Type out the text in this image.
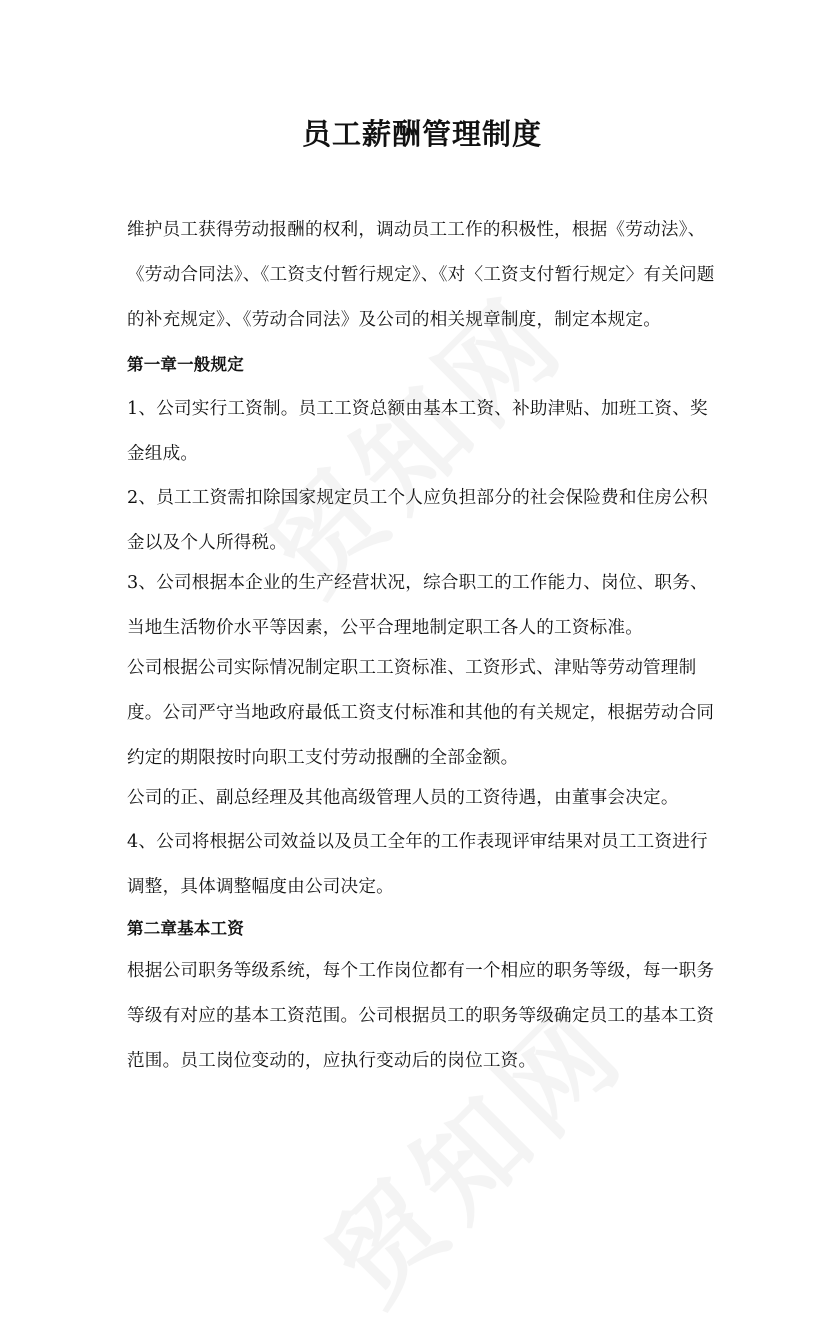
员工薪酬管理制度

维护员工获得劳动报酬的权利，调动员工工作的积极性，根据《劳动法》、《劳动合同法》、《工资支付暂行规定》、《对〈工资支付暂行规定〉有关问题的补充规定》、《劳动合同法》及公司的相关规章制度，制定本规定。

第一章一般规定

1、公司实行工资制。员工工资总额由基本工资、补助津贴、加班工资、奖金组成。

2、员工工资需扣除国家规定员工个人应负担部分的社会保险费和住房公积金以及个人所得税。

3、公司根据本企业的生产经营状况，综合职工的工作能力、岗位、职务、当地生活物价水平等因素，公平合理地制定职工各人的工资标准。

公司根据公司实际情况制定职工工资标准、工资形式、津贴等劳动管理制度。公司严守当地政府最低工资支付标准和其他的有关规定，根据劳动合同约定的期限按时向职工支付劳动报酬的全部金额。

公司的正、副总经理及其他高级管理人员的工资待遇，由董事会决定。

4、公司将根据公司效益以及员工全年的工作表现评审结果对员工工资进行调整，具体调整幅度由公司决定。

第二章基本工资

根据公司职务等级系统，每个工作岗位都有一个相应的职务等级，每一职务等级有对应的基本工资范围。公司根据员工的职务等级确定员工的基本工资范围。员工岗位变动的，应执行变动后的岗位工资。
